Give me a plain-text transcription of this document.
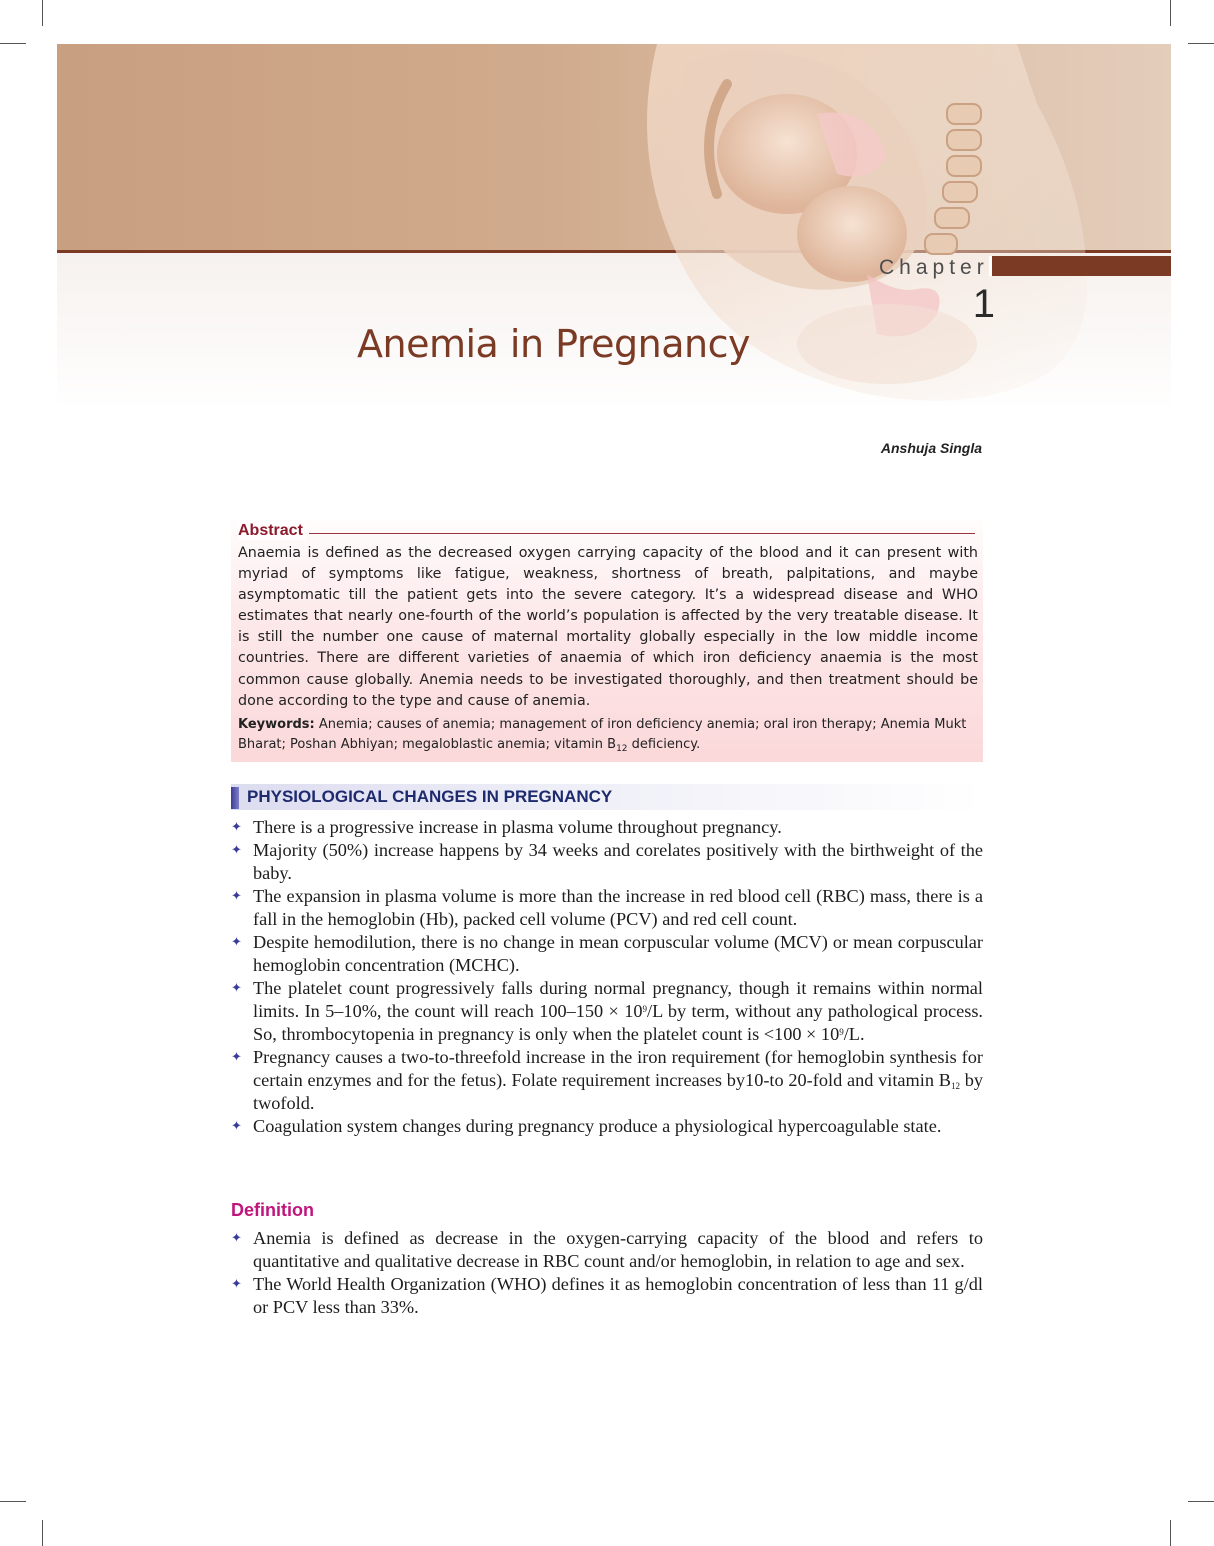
Chapter
1
Anemia in Pregnancy
Anshuja Singla
Abstract
Anaemia is defined as the decreased oxygen carrying capacity of the blood and it can present with myriad of symptoms like fatigue, weakness, shortness of breath, palpitations, and maybe asymptomatic till the patient gets into the severe category. It’s a widespread disease and WHO estimates that nearly one-fourth of the world’s population is affected by the very treatable disease. It is still the number one cause of maternal mortality globally especially in the low middle income countries. There are different varieties of anaemia of which iron deficiency anaemia is the most common cause globally. Anemia needs to be investigated thoroughly, and then treatment should be done according to the type and cause of anemia.
Keywords: Anemia; causes of anemia; management of iron deficiency anemia; oral iron therapy; Anemia Mukt Bharat; Poshan Abhiyan; megaloblastic anemia; vitamin $B_{12}$ deficiency.
PHYSIOLOGICAL CHANGES IN PREGNANCY
✦ There is a progressive increase in plasma volume throughout pregnancy.
✦ Majority (50%) increase happens by 34 weeks and corelates positively with the birthweight of the baby.
✦ The expansion in plasma volume is more than the increase in red blood cell (RBC) mass, there is a fall in the hemoglobin (Hb), packed cell volume (PCV) and red cell count.
✦ Despite hemodilution, there is no change in mean corpuscular volume (MCV) or mean corpuscular hemoglobin concentration (MCHC).
✦ The platelet count progressively falls during normal pregnancy, though it remains within normal limits. In 5–10%, the count will reach $100-150 \times 10^9/L$ by term, without any pathological process. So, thrombocytopenia in pregnancy is only when the platelet count is $<100 \times 10^9/L$.
✦ Pregnancy causes a two-to-threefold increase in the iron requirement (for hemoglobin synthesis for certain enzymes and for the fetus). Folate requirement increases by10-to 20-fold and vitamin $B_{12}$ by twofold.
✦ Coagulation system changes during pregnancy produce a physiological hypercoagulable state.
Definition
✦ Anemia is defined as decrease in the oxygen-carrying capacity of the blood and refers to quantitative and qualitative decrease in RBC count and/or hemoglobin, in relation to age and sex.
✦ The World Health Organization (WHO) defines it as hemoglobin concentration of less than 11 g/dl or PCV less than 33%.
